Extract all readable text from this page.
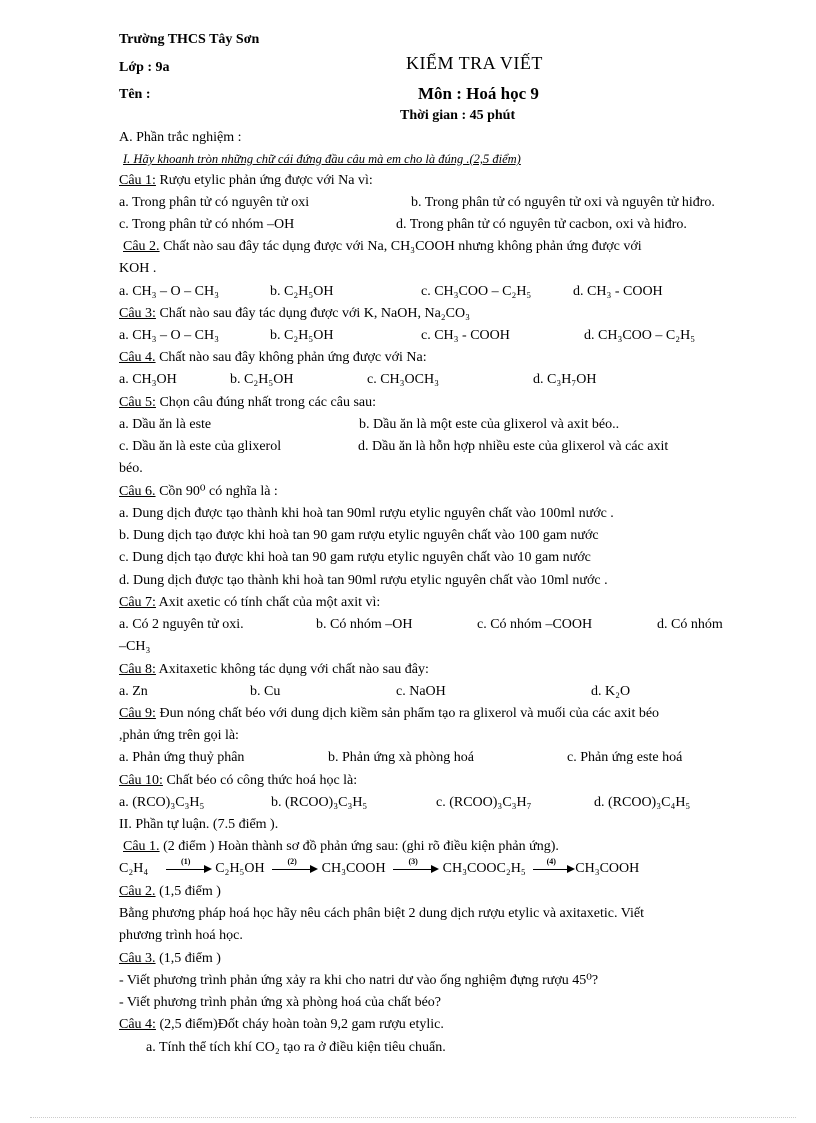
Trường THCS Tây Sơn
Lớp : 9a
Tên :
KIỂM TRA VIẾT
Môn : Hoá học 9
Thời gian : 45 phút
A. Phần trắc nghiệm :
I. Hãy khoanh tròn những chữ cái đứng đầu câu mà em cho là đúng .(2,5 điểm)
Câu 1: Rượu etylic phản ứng được với Na vì:
a. Trong phân tử có nguyên tử oxi	b. Trong phân tử có nguyên tử oxi và nguyên tử hiđro.
c. Trong phân tử có nhóm –OH	d. Trong phân tử có nguyên tử cacbon, oxi và hiđro.
Câu 2. Chất nào sau đây tác dụng được với Na, CH₃COOH nhưng không phản ứng được với
KOH .
a. CH₃ – O – CH₃	b. C₂H₅OH	c. CH₃COO – C₂H₅	d. CH₃ - COOH
Câu 3: Chất nào sau đây tác dụng được với K, NaOH, Na₂CO₃
a. CH₃ – O – CH₃	b. C₂H₅OH	c. CH₃ - COOH	d. CH₃COO – C₂H₅
Câu 4. Chất nào sau đây không phản ứng được với Na:
a. CH₃OH	b. C₂H₅OH	c. CH₃OCH₃	d. C₃H₇OH
Câu 5: Chọn câu đúng nhất trong các câu sau:
a. Dầu ăn là este	b. Dầu ăn là một este của glixerol và axit béo..
c. Dầu ăn là este của glixerol	d. Dầu ăn là hỗn hợp nhiều este của glixerol và các axit
béo.
Câu 6. Cồn 90⁰ có nghĩa là :
a. Dung dịch được tạo thành khi hoà tan 90ml rượu etylic nguyên chất vào 100ml nước .
b. Dung dịch tạo được khi hoà tan 90 gam rượu etylic nguyên chất vào 100 gam nước
c. Dung dịch tạo được khi hoà tan 90 gam rượu etylic nguyên chất vào 10 gam nước
d. Dung dịch được tạo thành khi hoà tan 90ml rượu etylic nguyên chất vào 10ml nước .
Câu 7: Axit axetic có tính chất của một axit vì:
a. Có 2 nguyên tử oxi.	b. Có nhóm –OH	c. Có nhóm –COOH	d. Có nhóm
–CH₃
Câu 8: Axitaxetic không tác dụng với chất nào sau đây:
a. Zn	b. Cu	c. NaOH	d. K₂O
Câu 9: Đun nóng chất béo với dung dịch kiềm sản phẩm tạo ra glixerol và muối của các axit béo
,phản ứng trên gọi là:
a. Phản ứng thuỷ phân	b. Phản ứng xà phòng hoá	c. Phản ứng este hoá
Câu 10: Chất béo có công thức hoá học là:
a. (RCO)₃C₃H₅	b. (RCOO)₃C₃H₅	c. (RCOO)₃C₃H₇	d. (RCOO)₃C₄H₅
II. Phần tự luận. (7.5 điểm ).
Câu 1. (2 điểm ) Hoàn thành sơ đồ phản ứng sau: (ghi rõ điều kiện phản ứng).
C₂H₄	(1)	C₂H₅OH	(2)	CH₃COOH	(3)	CH₃COOC₂H₅	(4)	CH₃COOH
Câu 2. (1,5 điểm )
Bằng phương pháp hoá học hãy nêu cách phân biệt 2 dung dịch rượu etylic và axitaxetic. Viết
phương trình hoá học.
Câu 3. (1,5 điểm )
- Viết phương trình phản ứng xảy ra khi cho natri dư vào ống nghiệm đựng rượu 45⁰?
- Viết phương trình phản ứng xà phòng hoá của chất béo?
Câu 4: (2,5 điểm)Đốt cháy hoàn toàn 9,2 gam rượu etylic.
a. Tính thể tích khí CO₂ tạo ra ở điều kiện tiêu chuẩn.
